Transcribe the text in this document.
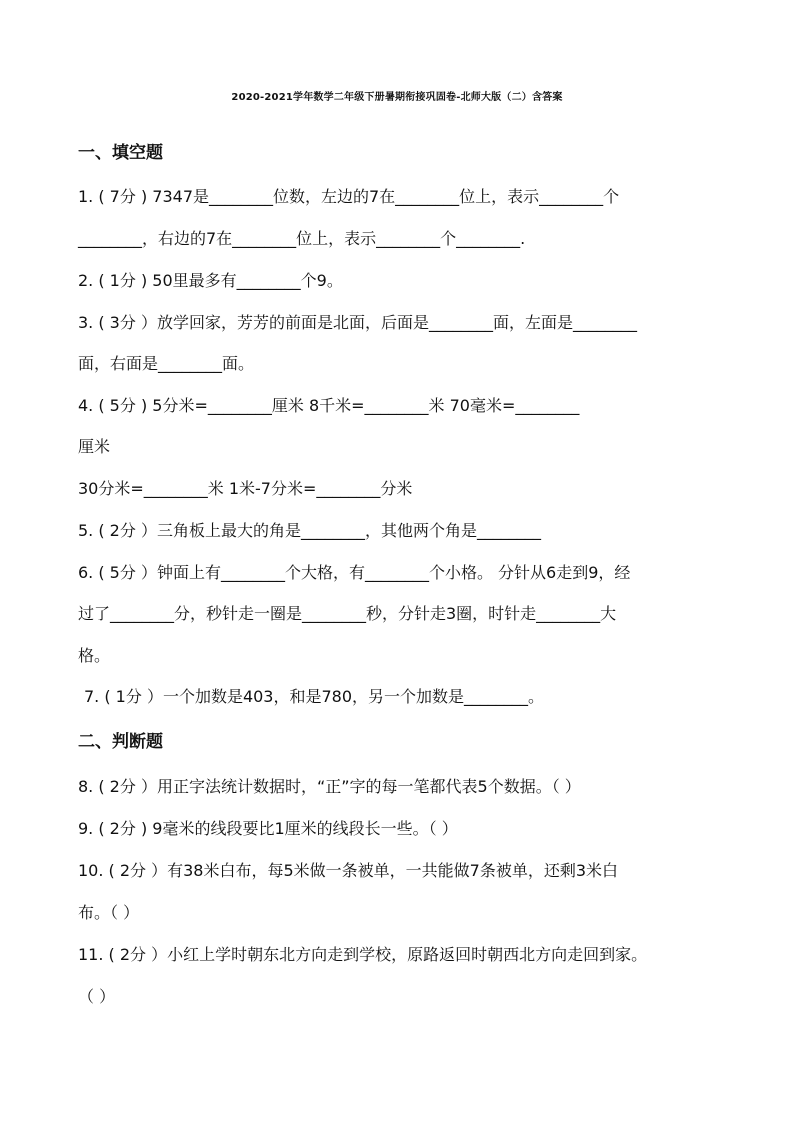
2020-2021学年数学二年级下册暑期衔接巩固卷-北师大版（二）含答案
一、填空题
1. ( 7分 ) 7347是________位数，左边的7在________位上，表示________个
________，右边的7在________位上，表示________个________.
2. ( 1分 ) 50里最多有________个9。
3. ( 3分 ）放学回家，芳芳的前面是北面，后面是________面，左面是________
面，右面是________面。
4. ( 5分 ) 5分米=________厘米 8千米=________米 70毫米=________
厘米
30分米=________米 1米-7分米=________分米
5. ( 2分 ）三角板上最大的角是________，其他两个角是________
6. ( 5分 ）钟面上有________个大格，有________个小格。 分针从6走到9，经
过了________分，秒针走一圈是________秒，分针走3圈，时针走________大
格。
7. ( 1分 ）一个加数是403，和是780，另一个加数是________。
二、判断题
8. ( 2分 ）用正字法统计数据时，“正”字的每一笔都代表5个数据。（ ）
9. ( 2分 ) 9毫米的线段要比1厘米的线段长一些。（ ）
10. ( 2分 ）有38米白布，每5米做一条被单，一共能做7条被单，还剩3米白
布。（ ）
11. ( 2分 ）小红上学时朝东北方向走到学校，原路返回时朝西北方向走回到家。
（ ）
